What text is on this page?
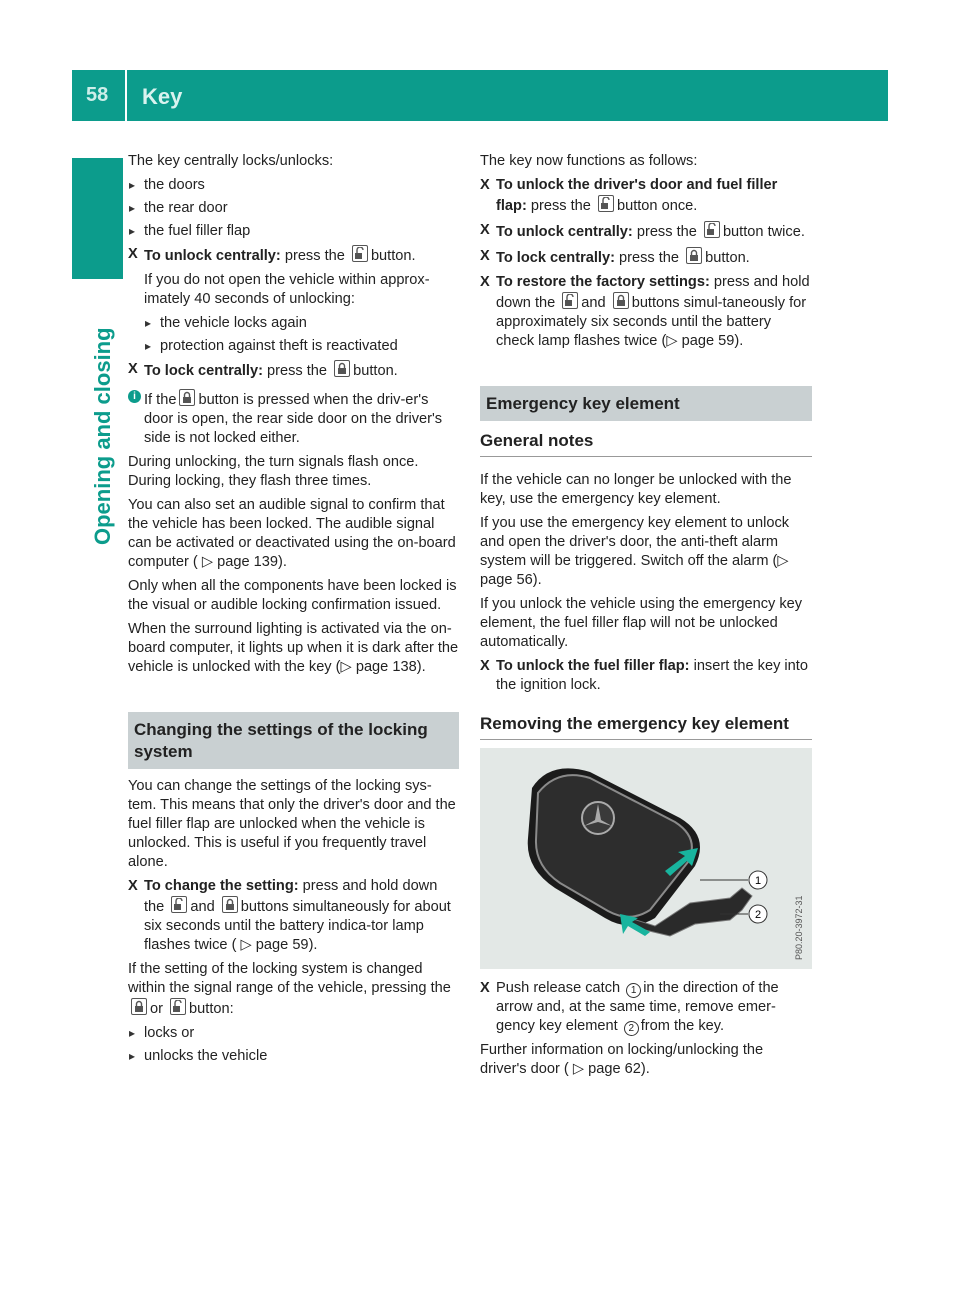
58 Key
Opening and closing

The key centrally locks/unlocks:

▸ the doors
▸ the rear door
▸ the fuel filler flap
X To unlock centrally: press the
button.
If you do not open the vehicle within approx-imately 40 seconds of unlocking:
▸ the vehicle locks again
▸ protection against theft is reactivated
X To lock centrally: press the
button.
i If the button is pressed when the driv-er's door is open, the rear side door on the driver's side is not locked either.

During unlocking, the turn signals flash once. During locking, they flash three times.

You can also set an audible signal to confirm that the vehicle has been locked. The audible signal can be activated or deactivated using the on-board computer ( ▷ page 139).

Only when all the components have been locked is the visual or audible locking confirmation issued.

When the surround lighting is activated via the on-board computer, it lights up when it is dark after the vehicle is unlocked with the key (▷ page 138).

Changing the settings of the locking system

You can change the settings of the locking sys-tem. This means that only the driver's door and the fuel filler flap are unlocked when the vehicle is unlocked. This is useful if you frequently travel alone.

X To change the setting: press and hold down the
and
buttons simultaneously for about six seconds until the battery indica-tor lamp flashes twice ( ▷ page 59).

If the setting of the locking system is changed within the signal range of the vehicle, pressing the
or
button:

▸ locks or
▸ unlocks the vehicle

The key now functions as follows:

X To unlock the driver's door and fuel filler flap: press the
button once.
X To unlock centrally: press the
button twice.
X To lock centrally: press the
button.
X To restore the factory settings: press and hold down the
and
buttons simul-taneously for approximately six seconds until the battery check lamp flashes twice (▷ page 59).
Emergency key element
General notes

If the vehicle can no longer be unlocked with the key, use the emergency key element.

If you use the emergency key element to unlock and open the driver's door, the anti-theft alarm system will be triggered. Switch off the alarm (▷ page 56).

If you unlock the vehicle using the emergency key element, the fuel filler flap will not be unlocked automatically.

X To unlock the fuel filler flap: insert the key into the ignition lock.
Removing the emergency key element
1
2	P80.20-3972-31
X Push release catch 1 in the direction of the arrow and, at the same time, remove emer-gency key element 2 from the key.

Further information on locking/unlocking the driver's door ( ▷ page 62).
